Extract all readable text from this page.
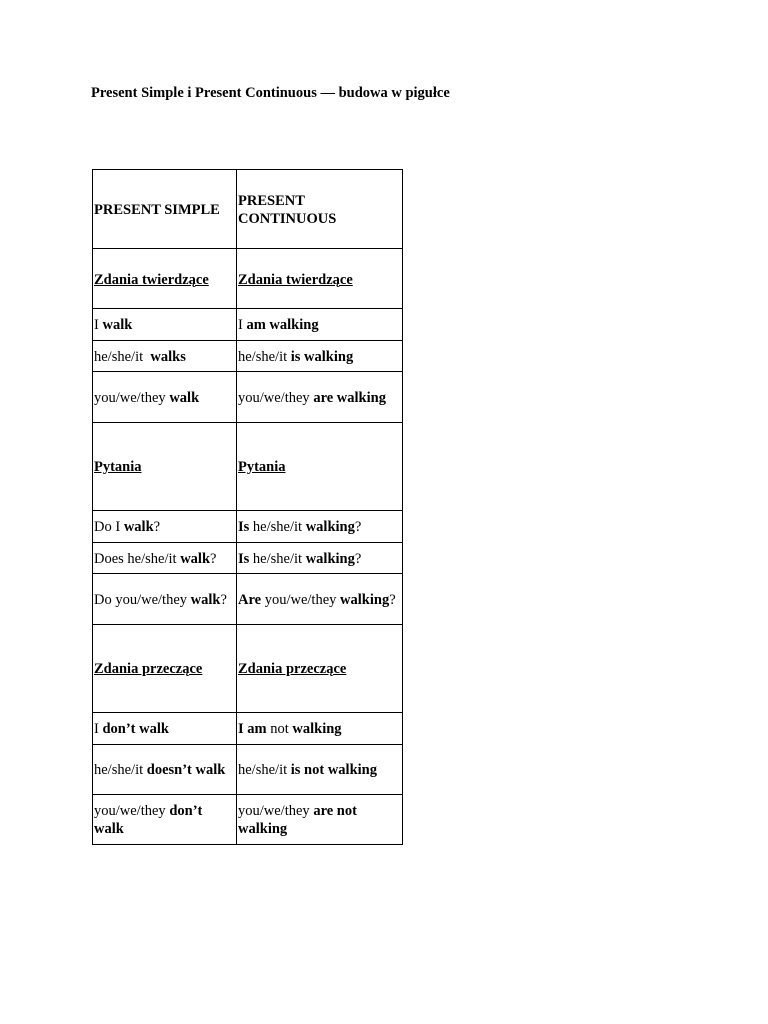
Present Simple i Present Continuous — budowa w pigułce
PRESENT SIMPLE	PRESENT CONTINUOUS
Zdania twierdzące	Zdania twierdzące
I walk	I am walking
he/she/it  walks	he/she/it is walking
you/we/they walk	you/we/they are walking
Pytania	Pytania
Do I walk?	Is he/she/it walking?
Does he/she/it walk?	Is he/she/it walking?
Do you/we/they walk?	Are you/we/they walking?
Zdania przeczące	Zdania przeczące
I don’t walk	I am not walking
he/she/it doesn’t walk	he/she/it is not walking
you/we/they don’t walk	you/we/they are not walking
